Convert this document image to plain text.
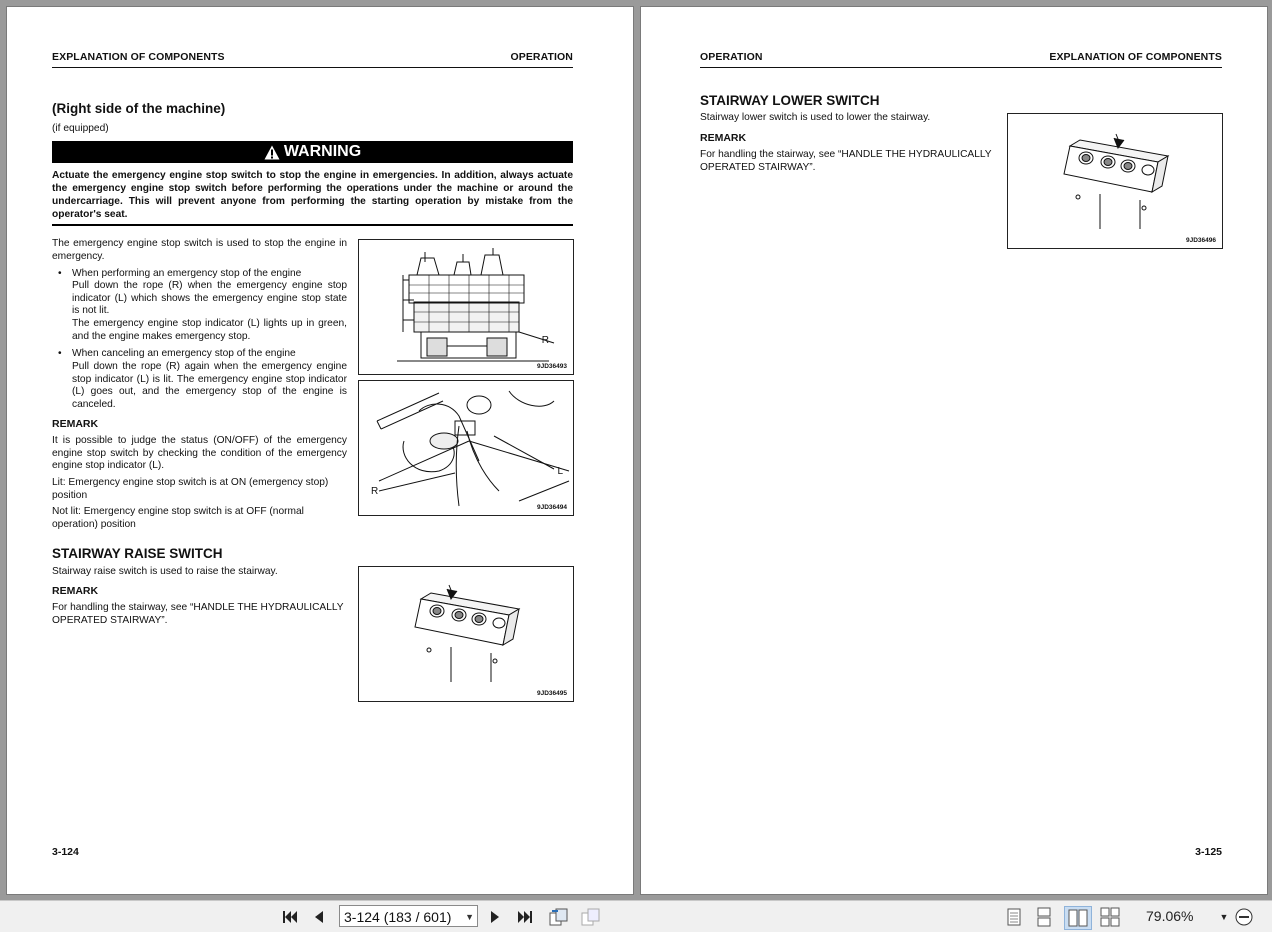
EXPLANATION OF COMPONENTS	OPERATION
(Right side of the machine)
(if equipped)
WARNING
Actuate the emergency engine stop switch to stop the engine in emergencies. In addition, always actuate the emergency engine stop switch before performing the operations under the machine or around the undercarriage. This will prevent anyone from performing the starting operation by mistake from the operator's seat.
The emergency engine stop switch is used to stop the engine in emergency.
• When performing an emergency stop of the engine
Pull down the rope (R) when the emergency engine stop indicator (L) which shows the emergency engine stop state is not lit.
The emergency engine stop indicator (L) lights up in green, and the engine makes emergency stop.
• When canceling an emergency stop of the engine
Pull down the rope (R) again when the emergency engine stop indicator (L) is lit. The emergency engine stop indicator (L) goes out, and the emergency stop of the engine is canceled.
REMARK
It is possible to judge the status (ON/OFF) of the emergency engine stop switch by checking the condition of the emergency engine stop indicator (L).
Lit: Emergency engine stop switch is at ON (emergency stop) position
Not lit: Emergency engine stop switch is at OFF (normal operation) position
STAIRWAY RAISE SWITCH
Stairway raise switch is used to raise the stairway.
REMARK
For handling the stairway, see “HANDLE THE HYDRAULICALLY OPERATED STAIRWAY”.
R
9JD36493
L
R
9JD36494
9JD36495
3-124
OPERATION	EXPLANATION OF COMPONENTS
STAIRWAY LOWER SWITCH
Stairway lower switch is used to lower the stairway.
REMARK
For handling the stairway, see “HANDLE THE HYDRAULICALLY OPERATED STAIRWAY”.
9JD36496
3-125
3-124 (183 / 601) ▼	79.06%	▼
